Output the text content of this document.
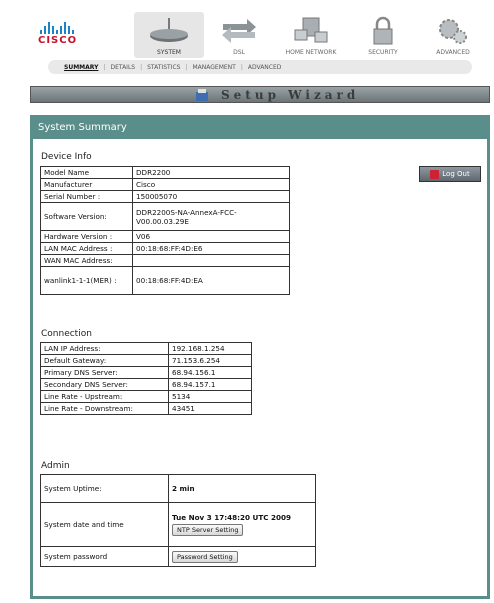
CISCO
SYSTEM	DSL	HOME NETWORK	SECURITY	ADVANCED
SUMMARY | DETAILS | STATISTICS | MANAGEMENT | ADVANCED
Setup Wizard
System Summary
Log Out
Device Info
Model Name	DDR2200
Manufacturer	Cisco
Serial Number :	150005070
Software Version:	DDR2200S-NA-AnnexA-FCC-V00.00.03.29E
Hardware Version :	V06
LAN MAC Address :	00:18:68:FF:4D:E6
WAN MAC Address:	
wanlink1-1-1(MER) :	00:18:68:FF:4D:EA
Connection
LAN IP Address:	192.168.1.254
Default Gateway:	71.153.6.254
Primary DNS Server:	68.94.156.1
Secondary DNS Server:	68.94.157.1
Line Rate - Upstream:	5134
Line Rate - Downstream:	43451
Admin
System Uptime:	2 min
System date and time	Tue Nov 3 17:48:20 UTC 2009
NTP Server Setting
System password	Password Setting
